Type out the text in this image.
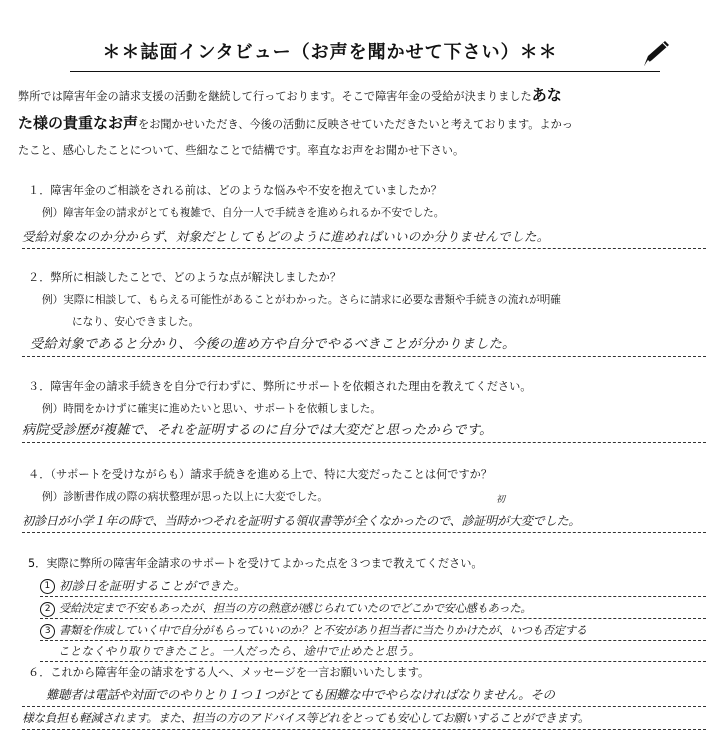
＊＊誌面インタビュー（お声を聞かせて下さい）＊＊
弊所では障害年金の請求支援の活動を継続して行っております。そこで障害年金の受給が決まりましたあな
た様の貴重なお声をお聞かせいただき、今後の活動に反映させていただきたいと考えております。よかっ
たこと、感心したことについて、些細なことで結構です。率直なお声をお聞かせ下さい。
１．障害年金のご相談をされる前は、どのような悩みや不安を抱えていましたか？
例）障害年金の請求がとても複雑で、自分一人で手続きを進められるか不安でした。
受給対象なのか分からず、対象だとしてもどのように進めればいいのか分りませんでした。
２．弊所に相談したことで、どのような点が解決しましたか？
例）実際に相談して、もらえる可能性があることがわかった。さらに請求に必要な書類や手続きの流れが明確
になり、安心できました。
受給対象であると分かり、今後の進め方や自分でやるべきことが分かりました。
３．障害年金の請求手続きを自分で行わずに、弊所にサポートを依頼された理由を教えてください。
例）時間をかけずに確実に進めたいと思い、サポートを依頼しました。
病院受診歴が複雑で、それを証明するのに自分では大変だと思ったからです。
４．（サポートを受けながらも）請求手続きを進める上で、特に大変だったことは何ですか？
例）診断書作成の際の病状整理が思った以上に大変でした。	初
初診日が小学１年の時で、当時かつそれを証明する領収書等が全くなかったので、診証明が大変でした。
5．実際に弊所の障害年金請求のサポートを受けてよかった点を３つまで教えてください。
1 初診日を証明することができた。
2 受給決定まで不安もあったが、担当の方の熱意が感じられていたのでどこかで安心感もあった。
3 書類を作成していく中で自分がもらっていいのか？と不安があり担当者に当たりかけたが、いつも否定する
ことなくやり取りできたこと。一人だったら、途中で止めたと思う。
６．これから障害年金の請求をする人へ、メッセージを一言お願いいたします。
難聴者は電話や対面でのやりとり１つ１つがとても困難な中でやらなければなりません。その
様な負担も軽減されます。また、担当の方のアドバイス等どれをとっても安心してお願いすることができます。
